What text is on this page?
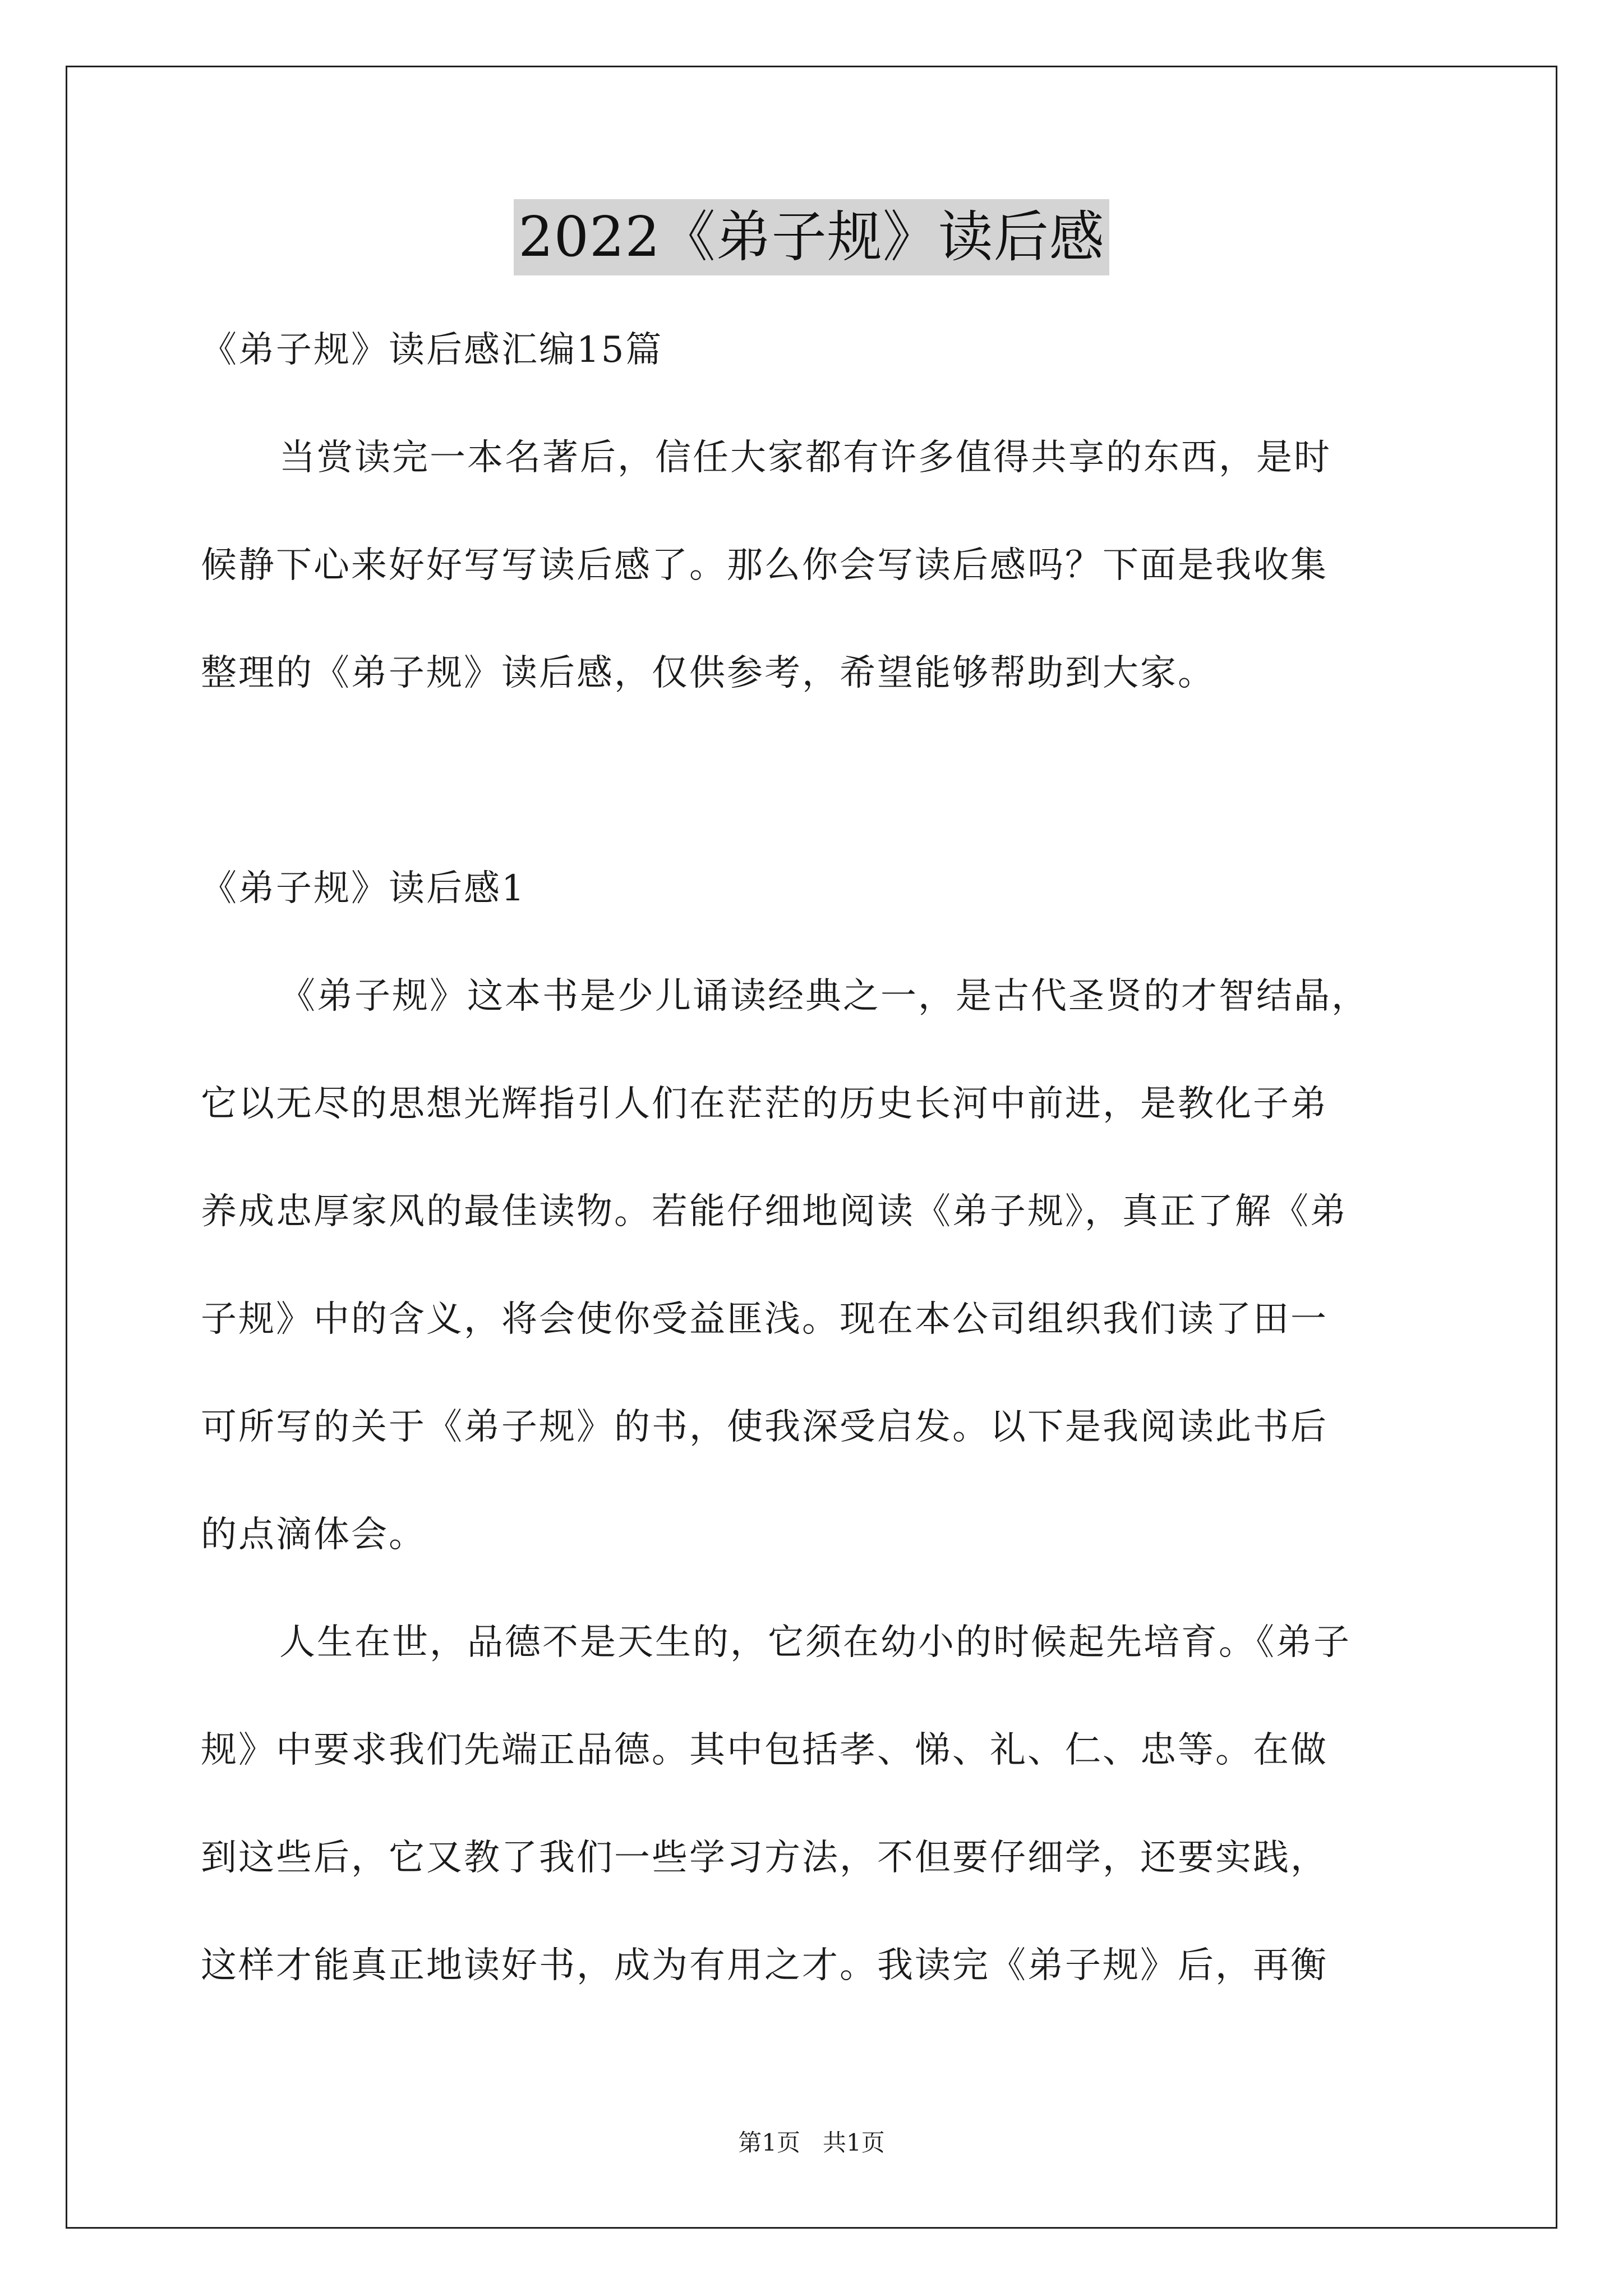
2022《弟子规》读后感
《弟子规》读后感汇编15篇
当赏读完一本名著后，信任大家都有许多值得共享的东西，是时
候静下心来好好写写读后感了。那么你会写读后感吗？下面是我收集
整理的《弟子规》读后感，仅供参考，希望能够帮助到大家。
《弟子规》读后感1
《弟子规》这本书是少儿诵读经典之一，是古代圣贤的才智结晶，
它以无尽的思想光辉指引人们在茫茫的历史长河中前进，是教化子弟
养成忠厚家风的最佳读物。若能仔细地阅读《弟子规》，真正了解《弟
子规》中的含义，将会使你受益匪浅。现在本公司组织我们读了田一
可所写的关于《弟子规》的书，使我深受启发。以下是我阅读此书后
的点滴体会。
人生在世，品德不是天生的，它须在幼小的时候起先培育。《弟子
规》中要求我们先端正品德。其中包括孝、悌、礼、仁、忠等。在做
到这些后，它又教了我们一些学习方法，不但要仔细学，还要实践，
这样才能真正地读好书，成为有用之才。我读完《弟子规》后，再衡
第1页 共1页
